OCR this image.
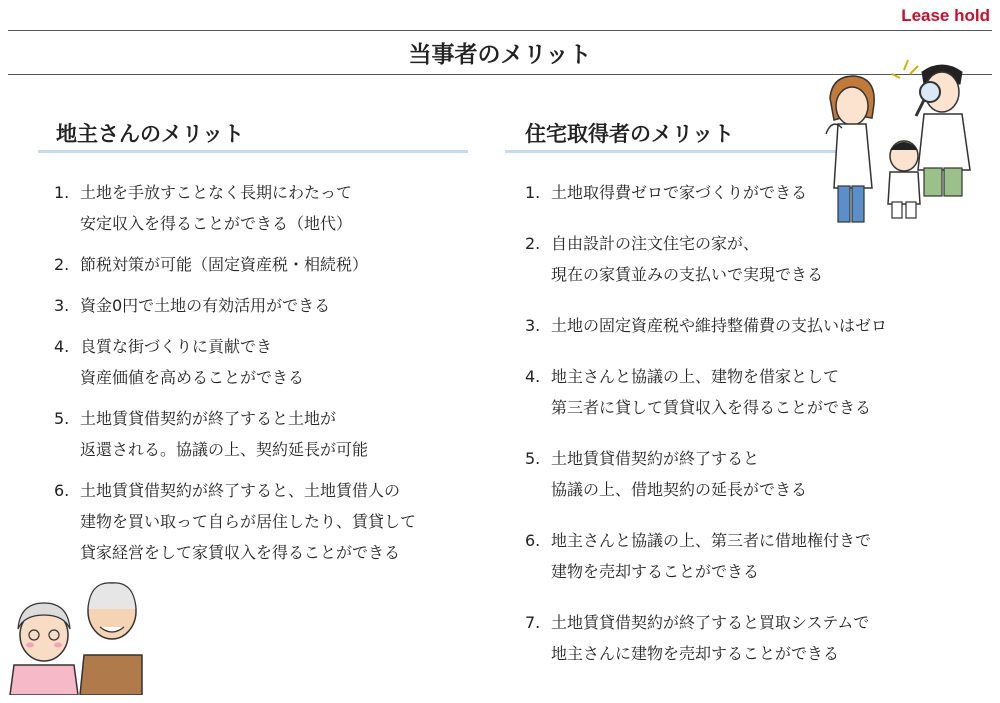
Lease hold
当事者のメリット
地主さんのメリット
1. 土地を手放すことなく長期にわたって
安定収入を得ることができる（地代）
2. 節税対策が可能（固定資産税・相続税）
3. 資金0円で土地の有効活用ができる
4. 良質な街づくりに貢献でき
資産価値を高めることができる
5. 土地賃貸借契約が終了すると土地が
返還される。協議の上、契約延長が可能
6. 土地賃貸借契約が終了すると、土地賃借人の
建物を買い取って自らが居住したり、賃貸して
貸家経営をして家賃収入を得ることができる
住宅取得者のメリット
1. 土地取得費ゼロで家づくりができる
2. 自由設計の注文住宅の家が、
現在の家賃並みの支払いで実現できる
3. 土地の固定資産税や維持整備費の支払いはゼロ
4. 地主さんと協議の上、建物を借家として
第三者に貸して賃貸収入を得ることができる
5. 土地賃貸借契約が終了すると
協議の上、借地契約の延長ができる
6. 地主さんと協議の上、第三者に借地権付きで
建物を売却することができる
7. 土地賃貸借契約が終了すると買取システムで
地主さんに建物を売却することができる
